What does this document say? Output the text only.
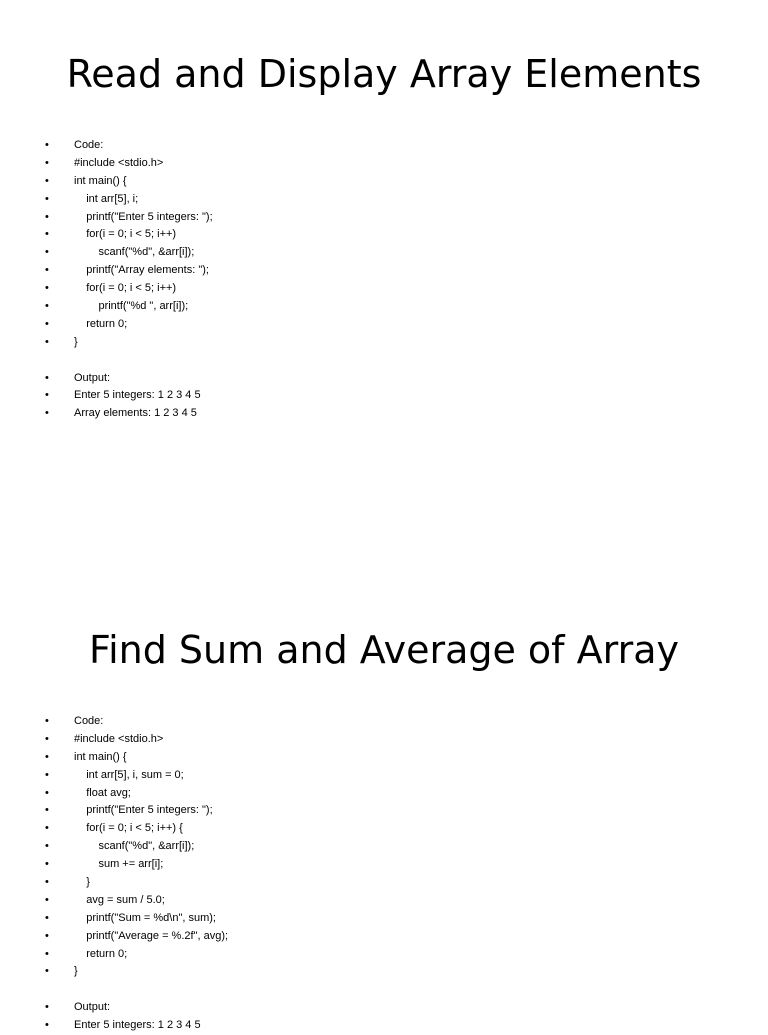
Read and Display Array Elements
• Code:
• #include <stdio.h>
• int main() {
•     int arr[5], i;
•     printf("Enter 5 integers: ");
•     for(i = 0; i < 5; i++)
•         scanf("%d", &arr[i]);
•     printf("Array elements: ");
•     for(i = 0; i < 5; i++)
•         printf("%d ", arr[i]);
•     return 0;
• }
• Output:
• Enter 5 integers: 1 2 3 4 5
• Array elements: 1 2 3 4 5
Find Sum and Average of Array
• Code:
• #include <stdio.h>
• int main() {
•     int arr[5], i, sum = 0;
•     float avg;
•     printf("Enter 5 integers: ");
•     for(i = 0; i < 5; i++) {
•         scanf("%d", &arr[i]);
•         sum += arr[i];
•     }
•     avg = sum / 5.0;
•     printf("Sum = %d\n", sum);
•     printf("Average = %.2f", avg);
•     return 0;
• }
• Output:
• Enter 5 integers: 1 2 3 4 5
